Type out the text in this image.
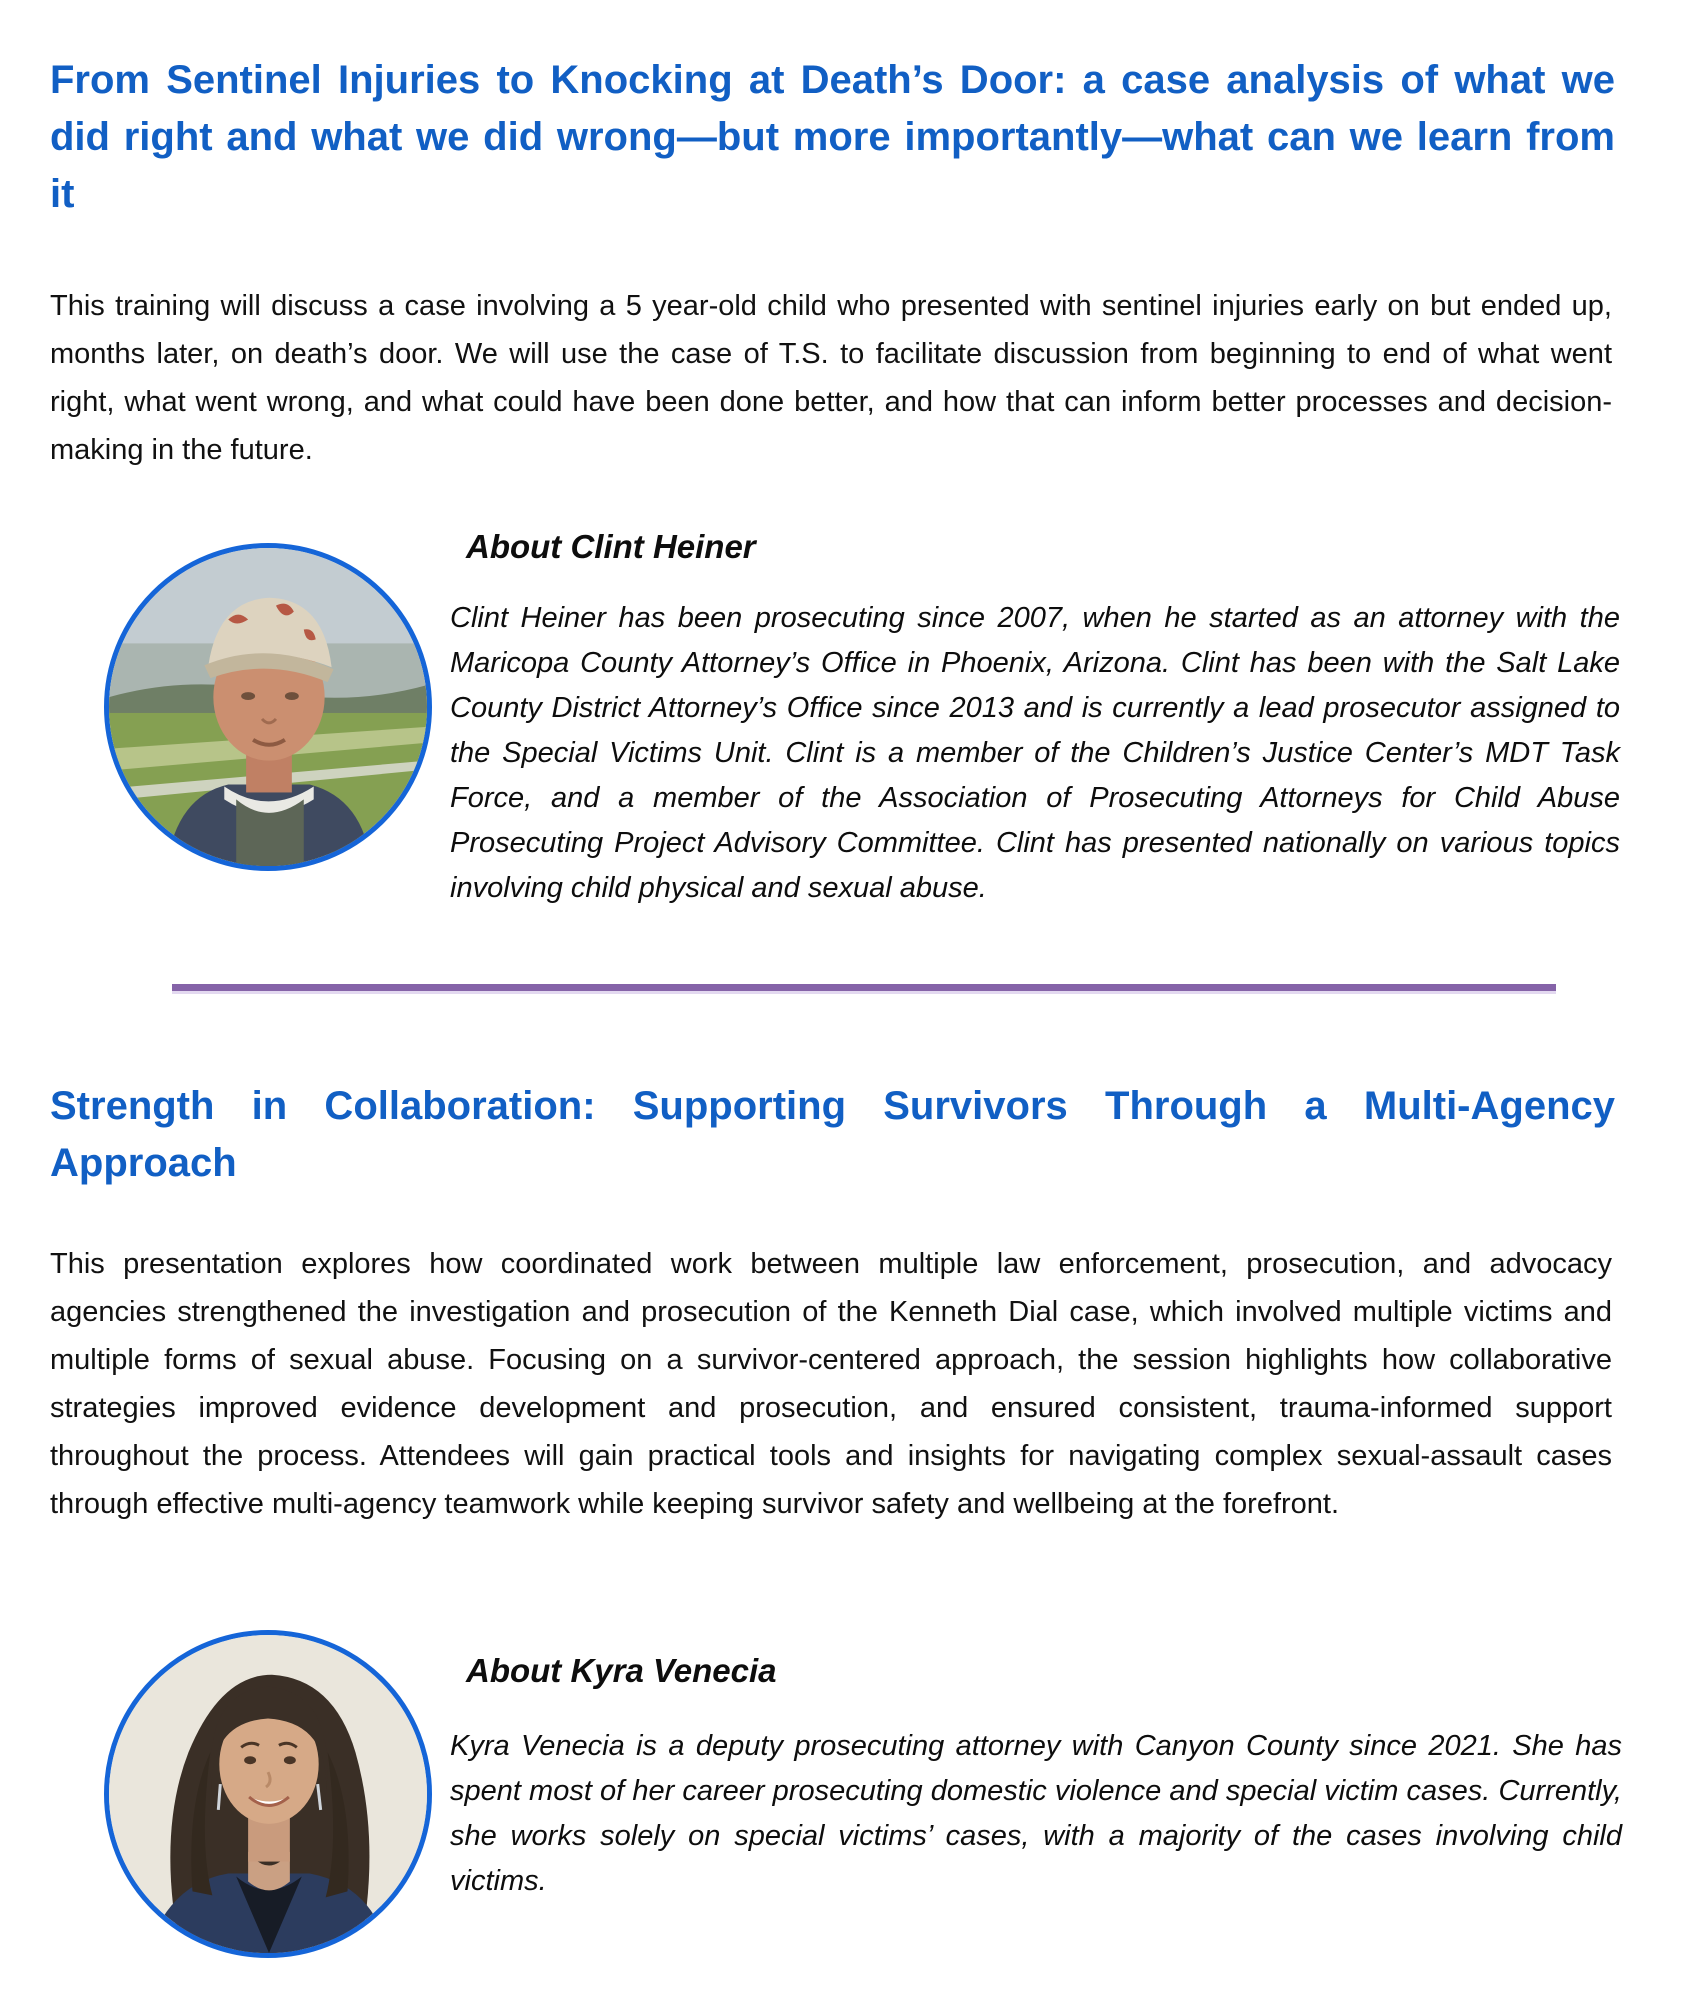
From Sentinel Injuries to Knocking at Death’s Door: a case analysis of what we did right and what we did wrong—but more importantly—what can we learn from it

This training will discuss a case involving a 5 year-old child who presented with sentinel injuries early on but ended up, months later, on death’s door. We will use the case of T.S. to facilitate discussion from beginning to end of what went right, what went wrong, and what could have been done better, and how that can inform better processes and decision-making in the future.

About Clint Heiner

Clint Heiner has been prosecuting since 2007, when he started as an attorney with the Maricopa County Attorney’s Office in Phoenix, Arizona. Clint has been with the Salt Lake County District Attorney’s Office since 2013 and is currently a lead prosecutor assigned to the Special Victims Unit. Clint is a member of the Children’s Justice Center’s MDT Task Force, and a member of the Association of Prosecuting Attorneys for Child Abuse Prosecuting Project Advisory Committee. Clint has presented nationally on various topics involving child physical and sexual abuse.

Strength in Collaboration: Supporting Survivors Through a Multi-Agency Approach

This presentation explores how coordinated work between multiple law enforcement, prosecution, and advocacy agencies strengthened the investigation and prosecution of the Kenneth Dial case, which involved multiple victims and multiple forms of sexual abuse. Focusing on a survivor-centered approach, the session highlights how collaborative strategies improved evidence development and prosecution, and ensured consistent, trauma-informed support throughout the process. Attendees will gain practical tools and insights for navigating complex sexual-assault cases through effective multi-agency teamwork while keeping survivor safety and wellbeing at the forefront.

About Kyra Venecia

Kyra Venecia is a deputy prosecuting attorney with Canyon County since 2021. She has spent most of her career prosecuting domestic violence and special victim cases. Currently, she works solely on special victims’ cases, with a majority of the cases involving child victims.
